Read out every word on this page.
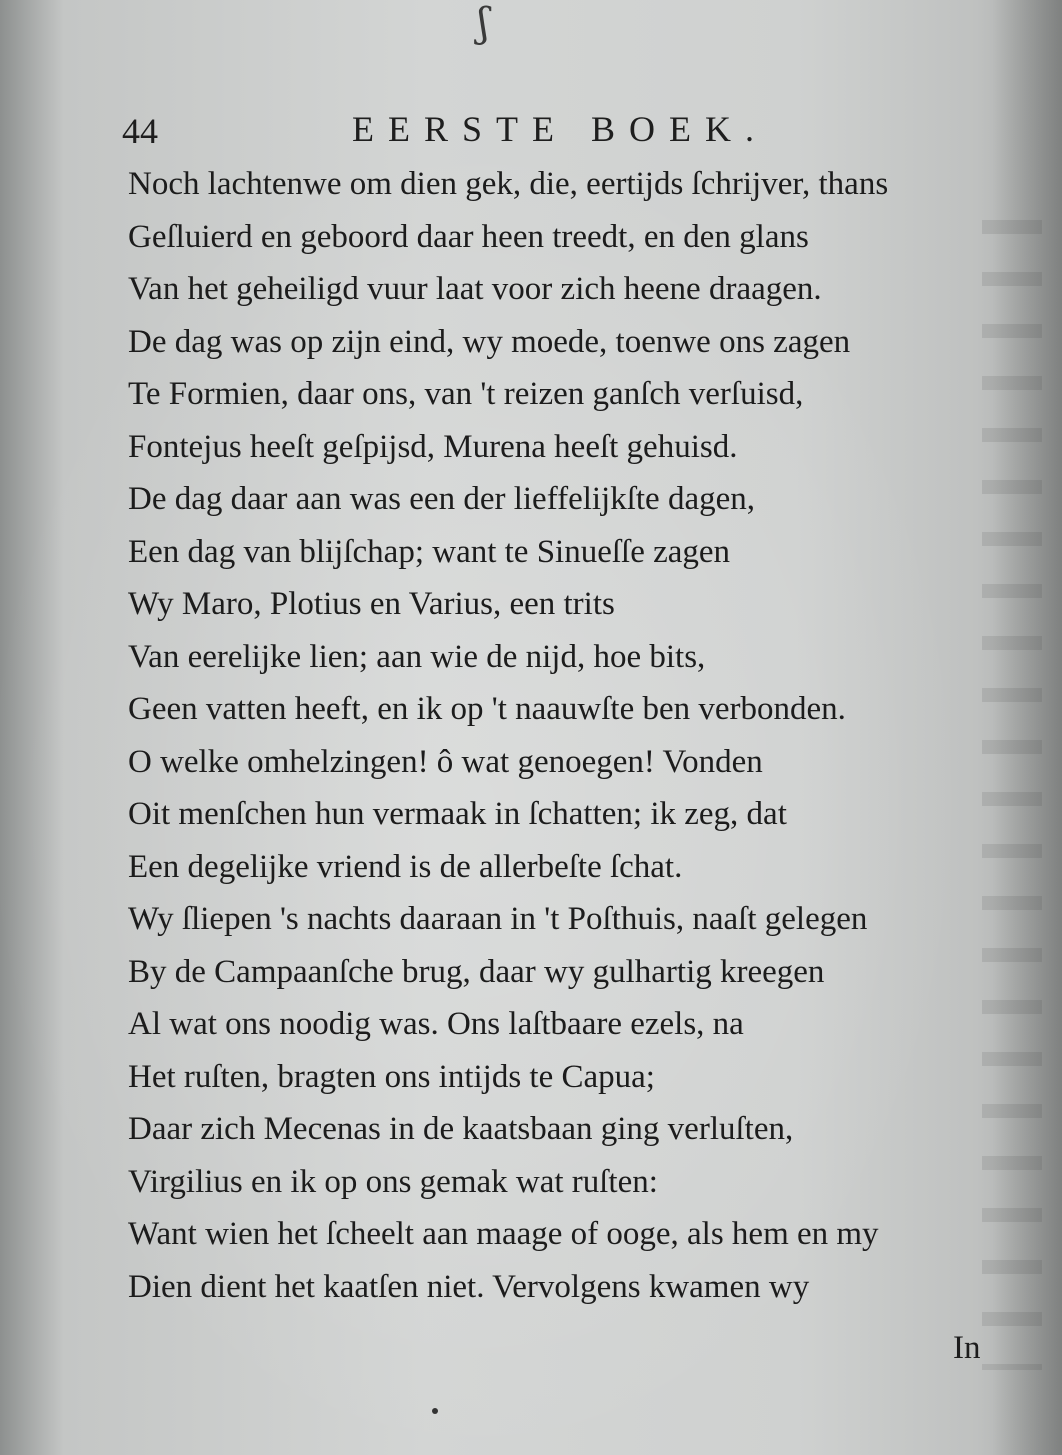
ʃ
44	EERSTE BOEK.
Noch lachtenwe om dien gek, die, eertijds ſchrijver, thans
Geſluierd en geboord daar heen treedt, en den glans
Van het geheiligd vuur laat voor zich heene draagen.
De dag was op zijn eind, wy moede, toenwe ons zagen
Te Formien, daar ons, van 't reizen ganſch verſuisd,
Fontejus heeſt geſpijsd, Murena heeſt gehuisd.
De dag daar aan was een der lieffelijkſte dagen,
Een dag van blijſchap; want te Sinueſſe zagen
Wy Maro, Plotius en Varius, een trits
Van eerelijke lien; aan wie de nijd, hoe bits,
Geen vatten heeft, en ik op 't naauwſte ben verbonden.
O welke omhelzingen! ô wat genoegen! Vonden
Oit menſchen hun vermaak in ſchatten; ik zeg, dat
Een degelijke vriend is de allerbeſte ſchat.
Wy ſliepen 's nachts daaraan in 't Poſthuis, naaſt gelegen
By de Campaanſche brug, daar wy gulhartig kreegen
Al wat ons noodig was. Ons laſtbaare ezels, na
Het ruſten, bragten ons intijds te Capua;
Daar zich Mecenas in de kaatsbaan ging verluſten,
Virgilius en ik op ons gemak wat ruſten:
Want wien het ſcheelt aan maage of ooge, als hem en my
Dien dient het kaatſen niet. Vervolgens kwamen wy
In
